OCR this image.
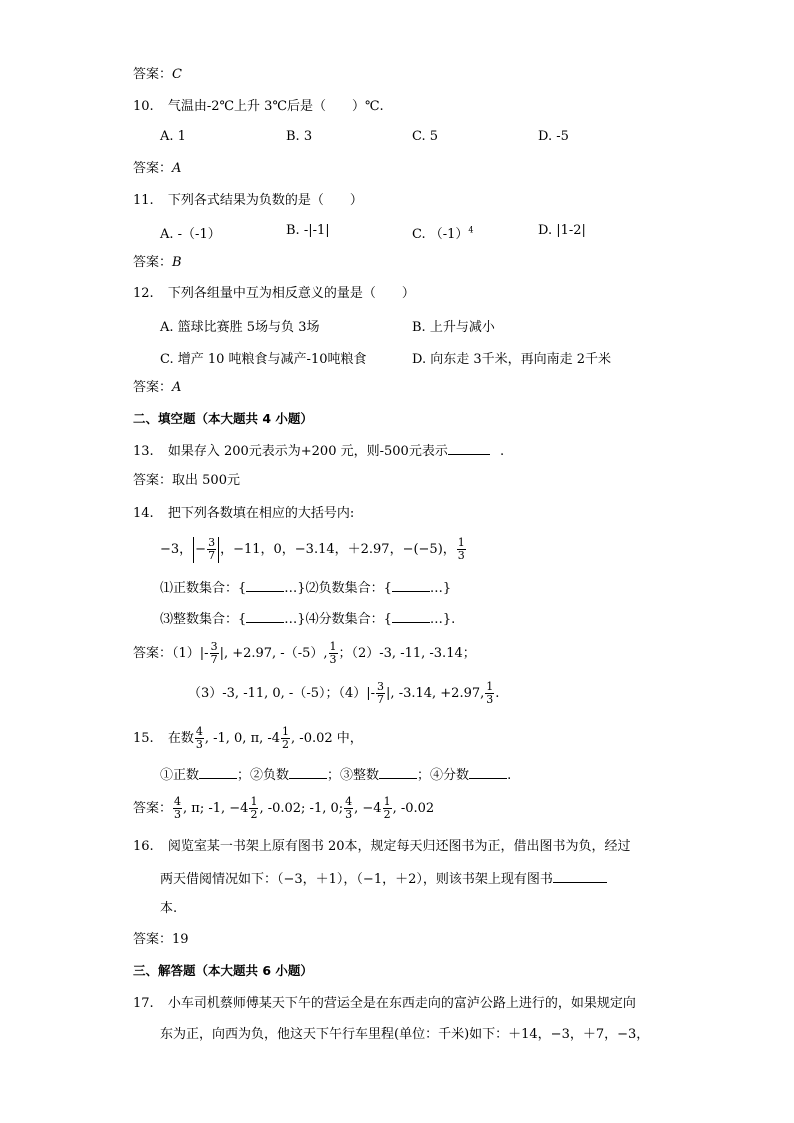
答案：C
10. 气温由-2℃上升 3℃后是（　　）℃.
A. 1	B. 3	C. 5	D. -5
答案：A
11. 下列各式结果为负数的是（　　）
A. -（-1）	B. -|-1|	C. $(-1)^4$	D. |1-2|
答案：B
12. 下列各组量中互为相反意义的量是（　　）
A. 篮球比赛胜 5场与负 3场	B. 上升与减小
C. 增产 10 吨粮食与减产-10吨粮食	D. 向东走 3千米，再向南走 2千米
答案：A
二、填空题（本大题共 4 小题）
13. 如果存入 200元表示为+200 元，则-500元表示	.
答案：取出 500元
14. 把下列各数填在相应的大括号内:
−3， − $\frac{3}{7}$ ，−11，0，−3.14，＋2.97，−(−5)， $\frac{1}{3}$
⑴正数集合：{	…}⑵负数集合：{	…}
⑶整数集合：{	…}⑷分数集合：{	…}.
答案：$(1)|- \frac{3}{7}$ |, +2.97, -（-5）, $\frac{1}{3}$ ；（2）-3, -11, -3.14；
（3）-3, -11, 0, -（-5）；$(4)|- \frac{3}{7}$ |, -3.14, +2.97, $\frac{1}{3}$ .
15. 在数 $\frac{4}{3}$ , -1, 0, π, $-4 \frac{1}{2}$ , -0.02 中，
①正数	；②负数	；③整数	；④分数	.
答案： $\frac{4}{3}$ , π; -1, $-4 \frac{1}{2}$ , -0.02; -1, 0; $\frac{4}{3}$ , $-4 \frac{1}{2}$ , -0.02
16. 阅览室某一书架上原有图书 20本，规定每天归还图书为正，借出图书为负，经过
两天借阅情况如下：（−3，＋1），（−1，＋2），则该书架上现有图书
本.
答案：19
三、解答题（本大题共 6 小题）
17. 小车司机蔡师傅某天下午的营运全是在东西走向的富泸公路上进行的，如果规定向
东为正，向西为负，他这天下午行车里程(单位：千米)如下：＋14，−3，＋7，−3，
